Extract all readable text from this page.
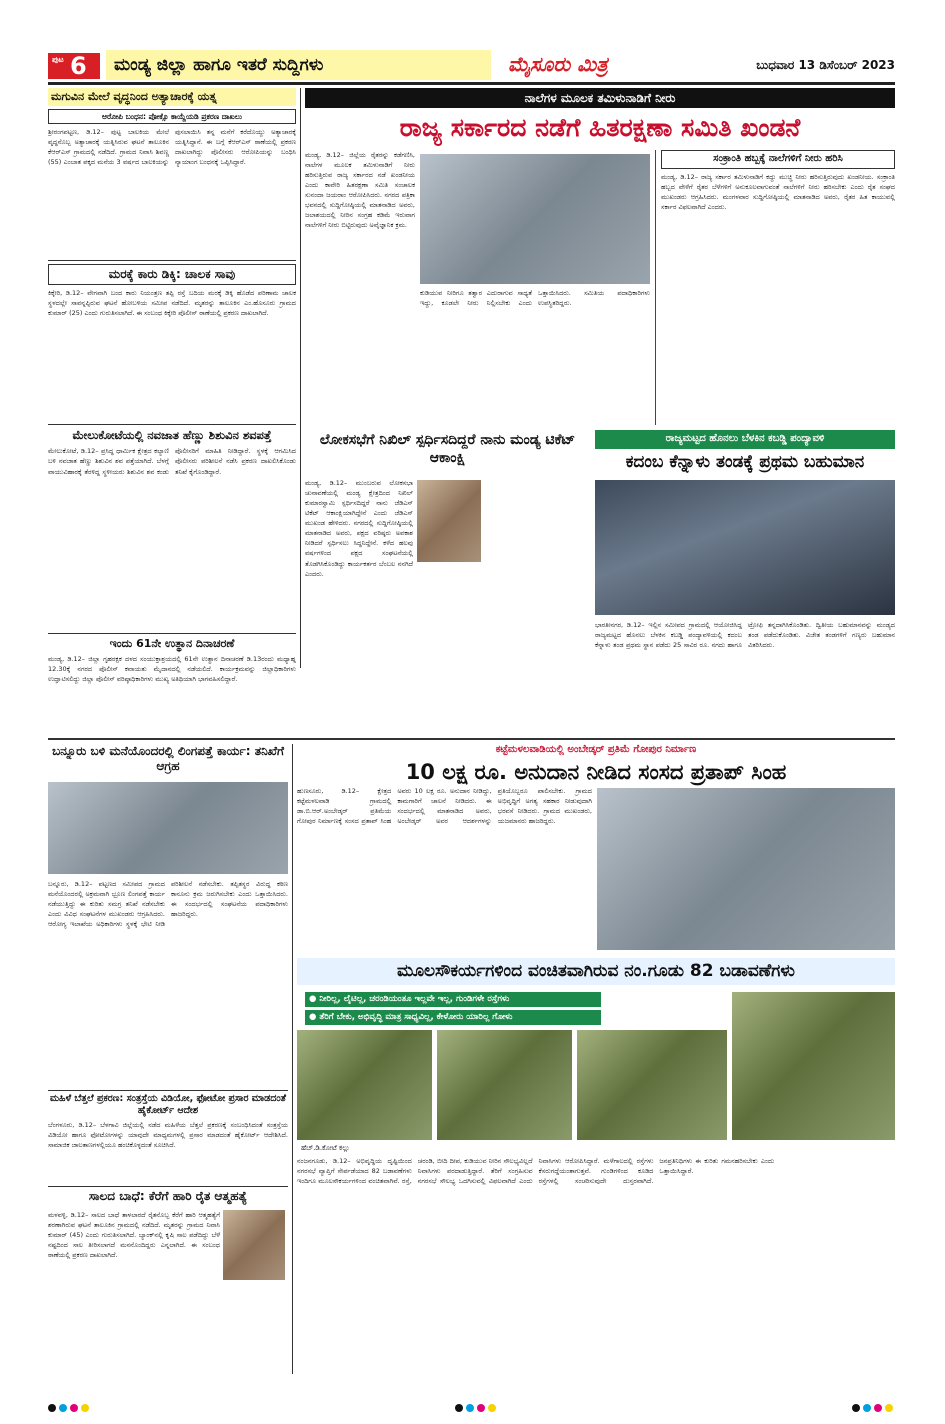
ಪುಟ 6	ಮಂಡ್ಯ ಜಿಲ್ಲಾ ಹಾಗೂ ಇತರೆ ಸುದ್ದಿಗಳು	ಮೈಸೂರು ಮಿತ್ರ	ಬುಧವಾರ 13 ಡಿಸೆಂಬರ್ 2023
ಮಗುವಿನ ಮೇಲೆ ವೃದ್ಧನಿಂದ ಅತ್ಯಾಚಾರಕ್ಕೆ ಯತ್ನ
ಆರೋಪಿ ಬಂಧನ: ಪೋಕ್ಸೊ ಕಾಯ್ದೆಯಡಿ ಪ್ರಕರಣ ದಾಖಲು
ಶ್ರೀರಂಗಪಟ್ಟಣ, ಡಿ.12– ಪುಟ್ಟ ಬಾಲಕಿಯ ಮೇಲೆ ವೃದ್ಧನೊಬ್ಬ ಅತ್ಯಾಚಾರಕ್ಕೆ ಯತ್ನಿಸಿರುವ ಘಟನೆ ತಾಲೂಕಿನ ಕೆಆರ್‌ಎಸ್ ಗ್ರಾಮದಲ್ಲಿ ನಡೆದಿದೆ. ಗ್ರಾಮದ ನಿವಾಸಿ ಶಿವಣ್ಣ (55) ಎಂಬಾತ ಪಕ್ಕದ ಮನೆಯ 3 ವರ್ಷದ ಬಾಲಕಿಯನ್ನು ಪುಸಲಾಯಿಸಿ ತನ್ನ ಮನೆಗೆ ಕರೆದೊಯ್ದು ಅತ್ಯಾಚಾರಕ್ಕೆ ಯತ್ನಿಸಿದ್ದಾನೆ. ಈ ಬಗ್ಗೆ ಕೆಆರ್‌ಎಸ್ ಠಾಣೆಯಲ್ಲಿ ಪ್ರಕರಣ ದಾಖಲಾಗಿದ್ದು ಪೊಲೀಸರು ಆರೋಪಿಯನ್ನು ಬಂಧಿಸಿ ನ್ಯಾಯಾಂಗ ಬಂಧನಕ್ಕೆ ಒಪ್ಪಿಸಿದ್ದಾರೆ.
ಮರಕ್ಕೆ ಕಾರು ಡಿಕ್ಕಿ: ಚಾಲಕ ಸಾವು
ಕಿಕ್ಕೇರಿ, ಡಿ.12– ವೇಗವಾಗಿ ಬಂದ ಕಾರು ನಿಯಂತ್ರಣ ತಪ್ಪಿ ರಸ್ತೆ ಬದಿಯ ಮರಕ್ಕೆ ಡಿಕ್ಕಿ ಹೊಡೆದ ಪರಿಣಾಮ ಚಾಲಕ ಸ್ಥಳದಲ್ಲೇ ಸಾವನ್ನಪ್ಪಿರುವ ಘಟನೆ ಹೋಬಳಿಯ ಸಮೀಪ ನಡೆದಿದೆ. ಮೃತರನ್ನು ತಾಲೂಕಿನ ಎಂ.ಹೊಸೂರು ಗ್ರಾಮದ ಕುಮಾರ್ (25) ಎಂದು ಗುರುತಿಸಲಾಗಿದೆ. ಈ ಸಂಬಂಧ ಕಿಕ್ಕೇರಿ ಪೊಲೀಸ್ ಠಾಣೆಯಲ್ಲಿ ಪ್ರಕರಣ ದಾಖಲಾಗಿದೆ.
ಮೇಲುಕೋಟೆಯಲ್ಲಿ ನವಜಾತ ಹೆಣ್ಣು ಶಿಶುವಿನ ಶವಪತ್ತೆ
ಮೇಲುಕೋಟೆ, ಡಿ.12– ಪ್ರಸಿದ್ಧ ಧಾರ್ಮಿಕ ಕ್ಷೇತ್ರದ ಕಲ್ಯಾಣಿ ಬಳಿ ನವಜಾತ ಹೆಣ್ಣು ಶಿಶುವಿನ ಶವ ಪತ್ತೆಯಾಗಿದೆ. ಬೆಳಗ್ಗೆ ವಾಯುವಿಹಾರಕ್ಕೆ ತೆರಳಿದ್ದ ಸ್ಥಳೀಯರು ಶಿಶುವಿನ ಶವ ಕಂಡು ಪೊಲೀಸರಿಗೆ ಮಾಹಿತಿ ನೀಡಿದ್ದಾರೆ. ಸ್ಥಳಕ್ಕೆ ಆಗಮಿಸಿದ ಪೊಲೀಸರು ಪರಿಶೀಲನೆ ನಡೆಸಿ ಪ್ರಕರಣ ದಾಖಲಿಸಿಕೊಂಡು ತನಿಖೆ ಕೈಗೊಂಡಿದ್ದಾರೆ.
ಇಂದು 61ನೇ ಉತ್ಥಾನ ದಿನಾಚರಣೆ
ಮಂಡ್ಯ, ಡಿ.12– ಜಿಲ್ಲಾ ಗೃಹರಕ್ಷಕ ದಳದ ಸಂಯುಕ್ತಾಶ್ರಯದಲ್ಲಿ 61ನೇ ಉತ್ಥಾನ ದಿನಾಚರಣೆ ಡಿ.13ರಂದು ಮಧ್ಯಾಹ್ನ 12.30ಕ್ಕೆ ನಗರದ ಪೊಲೀಸ್ ಕವಾಯತು ಮೈದಾನದಲ್ಲಿ ನಡೆಯಲಿದೆ. ಕಾರ್ಯಕ್ರಮವನ್ನು ಜಿಲ್ಲಾಧಿಕಾರಿಗಳು ಉದ್ಘಾಟಿಸಲಿದ್ದು ಜಿಲ್ಲಾ ಪೊಲೀಸ್ ವರಿಷ್ಠಾಧಿಕಾರಿಗಳು ಮುಖ್ಯ ಅತಿಥಿಯಾಗಿ ಭಾಗವಹಿಸಲಿದ್ದಾರೆ.
ನಾಲೆಗಳ ಮೂಲಕ ತಮಿಳುನಾಡಿಗೆ ನೀರು
ರಾಜ್ಯ ಸರ್ಕಾರದ ನಡೆಗೆ ಹಿತರಕ್ಷಣಾ ಸಮಿತಿ ಖಂಡನೆ
ಮಂಡ್ಯ, ಡಿ.12– ಜಿಲ್ಲೆಯ ರೈತರನ್ನು ಕಡೆಗಣಿಸಿ, ನಾಲೆಗಳ ಮೂಲಕ ತಮಿಳುನಾಡಿಗೆ ನೀರು ಹರಿಸುತ್ತಿರುವ ರಾಜ್ಯ ಸರ್ಕಾರದ ನಡೆ ಖಂಡನೀಯ ಎಂದು ಕಾವೇರಿ ಹಿತರಕ್ಷಣಾ ಸಮಿತಿ ಸಂಚಾಲಕ ಸುನಂದಾ ಜಯರಾಂ ಆರೋಪಿಸಿದರು. ನಗರದ ಪತ್ರಿಕಾ ಭವನದಲ್ಲಿ ಸುದ್ದಿಗೋಷ್ಠಿಯಲ್ಲಿ ಮಾತನಾಡಿದ ಅವರು, ಜಲಾಶಯದಲ್ಲಿ ನೀರಿನ ಸಂಗ್ರಹ ಕಡಿಮೆ ಇರುವಾಗ ನಾಲೆಗಳಿಗೆ ನೀರು ಬಿಟ್ಟಿರುವುದು ಅವೈಜ್ಞಾನಿಕ ಕ್ರಮ.
ಕುಡಿಯುವ ನೀರಿಗೂ ತತ್ವಾರ ಎದುರಾಗುವ ಸಾಧ್ಯತೆ ಇದ್ದು, ಕೂಡಲೇ ನೀರು ನಿಲ್ಲಿಸಬೇಕು ಎಂದು ಒತ್ತಾಯಿಸಿದರು. ಸಮಿತಿಯ ಪದಾಧಿಕಾರಿಗಳು ಉಪಸ್ಥಿತರಿದ್ದರು.
ಸಂಕ್ರಾಂತಿ ಹಬ್ಬಕ್ಕೆ ನಾಲೆಗಳಿಗೆ ನೀರು ಹರಿಸಿ
ಮಂಡ್ಯ, ಡಿ.12– ರಾಜ್ಯ ಸರ್ಕಾರ ತಮಿಳುನಾಡಿಗೆ ಕದ್ದು ಮುಚ್ಚಿ ನೀರು ಹರಿಸುತ್ತಿರುವುದು ಖಂಡನೀಯ. ಸಂಕ್ರಾಂತಿ ಹಬ್ಬದ ವೇಳೆಗೆ ರೈತರ ಬೆಳೆಗಳಿಗೆ ಅನುಕೂಲವಾಗುವಂತೆ ನಾಲೆಗಳಿಗೆ ನೀರು ಹರಿಸಬೇಕು ಎಂದು ರೈತ ಸಂಘದ ಮುಖಂಡರು ಆಗ್ರಹಿಸಿದರು. ಮಂಗಳವಾರ ಸುದ್ದಿಗೋಷ್ಠಿಯಲ್ಲಿ ಮಾತನಾಡಿದ ಅವರು, ರೈತರ ಹಿತ ಕಾಯುವಲ್ಲಿ ಸರ್ಕಾರ ವಿಫಲವಾಗಿದೆ ಎಂದರು.
ಲೋಕಸಭೆಗೆ ನಿಖಿಲ್ ಸ್ಪರ್ಧಿಸದಿದ್ದರೆ ನಾನು ಮಂಡ್ಯ ಟಿಕೆಟ್ ಆಕಾಂಕ್ಷಿ
ಮಂಡ್ಯ, ಡಿ.12– ಮುಂಬರುವ ಲೋಕಸಭಾ ಚುನಾವಣೆಯಲ್ಲಿ ಮಂಡ್ಯ ಕ್ಷೇತ್ರದಿಂದ ನಿಖಿಲ್ ಕುಮಾರಸ್ವಾಮಿ ಸ್ಪರ್ಧಿಸದಿದ್ದರೆ ನಾನು ಜೆಡಿಎಸ್ ಟಿಕೆಟ್ ಆಕಾಂಕ್ಷಿಯಾಗಿದ್ದೇನೆ ಎಂದು ಜೆಡಿಎಸ್ ಮುಖಂಡ ಹೇಳಿದರು. ನಗರದಲ್ಲಿ ಸುದ್ದಿಗೋಷ್ಠಿಯಲ್ಲಿ ಮಾತನಾಡಿದ ಅವರು, ಪಕ್ಷದ ವರಿಷ್ಠರು ಅವಕಾಶ ನೀಡಿದರೆ ಸ್ಪರ್ಧಿಸಲು ಸಿದ್ಧನಿದ್ದೇನೆ. ಕಳೆದ ಹಲವು ವರ್ಷಗಳಿಂದ ಪಕ್ಷದ ಸಂಘಟನೆಯಲ್ಲಿ ತೊಡಗಿಸಿಕೊಂಡಿದ್ದು ಕಾರ್ಯಕರ್ತರ ಬೆಂಬಲ ನನಗಿದೆ ಎಂದರು.
ರಾಜ್ಯಮಟ್ಟದ ಹೊನಲು ಬೆಳಕಿನ ಕಬಡ್ಡಿ ಪಂದ್ಯಾವಳಿ
ಕದಂಬ ಕೆನ್ನಾಳು ತಂಡಕ್ಕೆ ಪ್ರಥಮ ಬಹುಮಾನ
ಭಾರತೀನಗರ, ಡಿ.12– ಇಲ್ಲಿನ ಸಮೀಪದ ಗ್ರಾಮದಲ್ಲಿ ಆಯೋಜಿಸಿದ್ದ ರಾಜ್ಯಮಟ್ಟದ ಹೊನಲು ಬೆಳಕಿನ ಕಬಡ್ಡಿ ಪಂದ್ಯಾವಳಿಯಲ್ಲಿ ಕದಂಬ ಕೆನ್ನಾಳು ತಂಡ ಪ್ರಥಮ ಸ್ಥಾನ ಪಡೆದು 25 ಸಾವಿರ ರೂ. ನಗದು ಹಾಗೂ ಟ್ರೋಫಿ ತನ್ನದಾಗಿಸಿಕೊಂಡಿತು. ದ್ವಿತೀಯ ಬಹುಮಾನವನ್ನು ಮಂಡ್ಯದ ತಂಡ ಪಡೆದುಕೊಂಡಿತು. ವಿಜೇತ ತಂಡಗಳಿಗೆ ಗಣ್ಯರು ಬಹುಮಾನ ವಿತರಿಸಿದರು.
ಬನ್ನೂರು ಬಳಿ ಮನೆಯೊಂದರಲ್ಲಿ ಲಿಂಗಪತ್ತೆ ಕಾರ್ಯ: ತನಿಖೆಗೆ ಆಗ್ರಹ
ಬನ್ನೂರು, ಡಿ.12– ಪಟ್ಟಣದ ಸಮೀಪದ ಗ್ರಾಮದ ಮನೆಯೊಂದರಲ್ಲಿ ಅಕ್ರಮವಾಗಿ ಭ್ರೂಣ ಲಿಂಗಪತ್ತೆ ಕಾರ್ಯ ನಡೆಯುತ್ತಿದ್ದು ಈ ಕುರಿತು ಸಮಗ್ರ ತನಿಖೆ ನಡೆಸಬೇಕು ಎಂದು ವಿವಿಧ ಸಂಘಟನೆಗಳ ಮುಖಂಡರು ಆಗ್ರಹಿಸಿದರು. ಆರೋಗ್ಯ ಇಲಾಖೆಯ ಅಧಿಕಾರಿಗಳು ಸ್ಥಳಕ್ಕೆ ಭೇಟಿ ನೀಡಿ ಪರಿಶೀಲನೆ ನಡೆಸಬೇಕು. ತಪ್ಪಿತಸ್ಥರ ವಿರುದ್ಧ ಕಠಿಣ ಕಾನೂನು ಕ್ರಮ ಜರುಗಿಸಬೇಕು ಎಂದು ಒತ್ತಾಯಿಸಿದರು. ಈ ಸಂದರ್ಭದಲ್ಲಿ ಸಂಘಟನೆಯ ಪದಾಧಿಕಾರಿಗಳು ಹಾಜರಿದ್ದರು.
ಮಹಿಳೆ ಬೆತ್ತಲೆ ಪ್ರಕರಣ: ಸಂತ್ರಸ್ತೆಯ ವಿಡಿಯೋ, ಫೋಟೋ ಪ್ರಸಾರ ಮಾಡದಂತೆ ಹೈಕೋರ್ಟ್ ಆದೇಶ
ಬೆಂಗಳೂರು, ಡಿ.12– ಬೆಳಗಾವಿ ಜಿಲ್ಲೆಯಲ್ಲಿ ನಡೆದ ಮಹಿಳೆಯ ಬೆತ್ತಲೆ ಪ್ರಕರಣಕ್ಕೆ ಸಂಬಂಧಿಸಿದಂತೆ ಸಂತ್ರಸ್ತೆಯ ವಿಡಿಯೋ ಹಾಗೂ ಫೋಟೋಗಳನ್ನು ಯಾವುದೇ ಮಾಧ್ಯಮಗಳಲ್ಲಿ ಪ್ರಸಾರ ಮಾಡದಂತೆ ಹೈಕೋರ್ಟ್ ಆದೇಶಿಸಿದೆ. ಸಾಮಾಜಿಕ ಜಾಲತಾಣಗಳಲ್ಲಿಯೂ ಹಂಚಿಕೊಳ್ಳದಂತೆ ಸೂಚಿಸಿದೆ.
ಸಾಲದ ಬಾಧೆ: ಕೆರೆಗೆ ಹಾರಿ ರೈತ ಆತ್ಮಹತ್ಯೆ
ಮಳವಳ್ಳಿ, ಡಿ.12– ಸಾಲದ ಬಾಧೆ ತಾಳಲಾರದೆ ರೈತನೊಬ್ಬ ಕೆರೆಗೆ ಹಾರಿ ಆತ್ಮಹತ್ಯೆಗೆ ಶರಣಾಗಿರುವ ಘಟನೆ ತಾಲೂಕಿನ ಗ್ರಾಮದಲ್ಲಿ ನಡೆದಿದೆ. ಮೃತರನ್ನು ಗ್ರಾಮದ ನಿವಾಸಿ ಕುಮಾರ್ (45) ಎಂದು ಗುರುತಿಸಲಾಗಿದೆ. ಬ್ಯಾಂಕ್‌ನಲ್ಲಿ ಕೃಷಿ ಸಾಲ ಪಡೆದಿದ್ದು ಬೆಳೆ ನಷ್ಟದಿಂದ ಸಾಲ ತೀರಿಸಲಾಗದೆ ಮನನೊಂದಿದ್ದರು ಎನ್ನಲಾಗಿದೆ. ಈ ಸಂಬಂಧ ಠಾಣೆಯಲ್ಲಿ ಪ್ರಕರಣ ದಾಖಲಾಗಿದೆ.
ಕಟ್ಟೆಮಳಲವಾಡಿಯಲ್ಲಿ ಅಂಬೇಡ್ಕರ್ ಪ್ರತಿಮೆ ಗೋಪುರ ನಿರ್ಮಾಣ
10 ಲಕ್ಷ ರೂ. ಅನುದಾನ ನೀಡಿದ ಸಂಸದ ಪ್ರತಾಪ್ ಸಿಂಹ
ಹುಣಸೂರು, ಡಿ.12– ಕ್ಷೇತ್ರದ ಕಟ್ಟೆಮಳಲವಾಡಿ ಗ್ರಾಮದಲ್ಲಿ ಡಾ.ಬಿ.ಆರ್.ಅಂಬೇಡ್ಕರ್ ಪ್ರತಿಮೆಯ ಗೋಪುರ ನಿರ್ಮಾಣಕ್ಕೆ ಸಂಸದ ಪ್ರತಾಪ್ ಸಿಂಹ ಅವರು 10 ಲಕ್ಷ ರೂ. ಅನುದಾನ ನೀಡಿದ್ದು, ಕಾಮಗಾರಿಗೆ ಚಾಲನೆ ನೀಡಿದರು. ಈ ಸಂದರ್ಭದಲ್ಲಿ ಮಾತನಾಡಿದ ಅವರು, ಅಂಬೇಡ್ಕರ್ ಅವರ ಆದರ್ಶಗಳನ್ನು ಪ್ರತಿಯೊಬ್ಬರೂ ಪಾಲಿಸಬೇಕು. ಗ್ರಾಮದ ಅಭಿವೃದ್ಧಿಗೆ ಅಗತ್ಯ ಸಹಕಾರ ನೀಡುವುದಾಗಿ ಭರವಸೆ ನೀಡಿದರು. ಗ್ರಾಮದ ಮುಖಂಡರು, ಯಜಮಾನರು ಹಾಜರಿದ್ದರು.
ಮೂಲಸೌಕರ್ಯಗಳಿಂದ ವಂಚಿತವಾಗಿರುವ ನಂ.ಗೂಡು 82 ಬಡಾವಣೆಗಳು
● ನೀರಿಲ್ಲ, ಲೈಟಿಲ್ಲ, ಚರಂಡಿಯಂತೂ ಇಲ್ಲವೇ ಇಲ್ಲ, ಗುಂಡಿಗಳೇ ರಸ್ತೆಗಳು
● ತೆರಿಗೆ ಬೇಕು, ಅಭಿವೃದ್ಧಿ ಮಾತ್ರ ಸಾಧ್ಯವಿಲ್ಲ, ಕೇಳೋರು ಯಾರಿಲ್ಲ ಗೋಳು
ಹೆಚ್.ಡಿ.ಕೋಟೆ ಕಲ್ಲು
ನಂಜನಗೂಡು, ಡಿ.12– ಅಭಿವೃದ್ಧಿಯ ದೃಷ್ಟಿಯಿಂದ ನಗರಸಭೆ ವ್ಯಾಪ್ತಿಗೆ ಸೇರ್ಪಡೆಯಾದ 82 ಬಡಾವಣೆಗಳು ಇಂದಿಗೂ ಮೂಲಸೌಕರ್ಯಗಳಿಂದ ವಂಚಿತವಾಗಿವೆ. ರಸ್ತೆ, ಚರಂಡಿ, ಬೀದಿ ದೀಪ, ಕುಡಿಯುವ ನೀರಿನ ಸೌಲಭ್ಯವಿಲ್ಲದೆ ನಿವಾಸಿಗಳು ಪರದಾಡುತ್ತಿದ್ದಾರೆ. ತೆರಿಗೆ ಸಂಗ್ರಹಿಸುವ ನಗರಸಭೆ ಸೌಲಭ್ಯ ಒದಗಿಸುವಲ್ಲಿ ವಿಫಲವಾಗಿದೆ ಎಂದು ನಿವಾಸಿಗಳು ಆರೋಪಿಸಿದ್ದಾರೆ. ಮಳೆಗಾಲದಲ್ಲಿ ರಸ್ತೆಗಳು ಕೆಸರುಗದ್ದೆಯಂತಾಗುತ್ತವೆ. ಗುಂಡಿಗಳಿಂದ ಕೂಡಿದ ರಸ್ತೆಗಳಲ್ಲಿ ಸಂಚರಿಸುವುದೇ ದುಸ್ತರವಾಗಿದೆ. ಜನಪ್ರತಿನಿಧಿಗಳು ಈ ಕುರಿತು ಗಮನಹರಿಸಬೇಕು ಎಂದು ಒತ್ತಾಯಿಸಿದ್ದಾರೆ.
